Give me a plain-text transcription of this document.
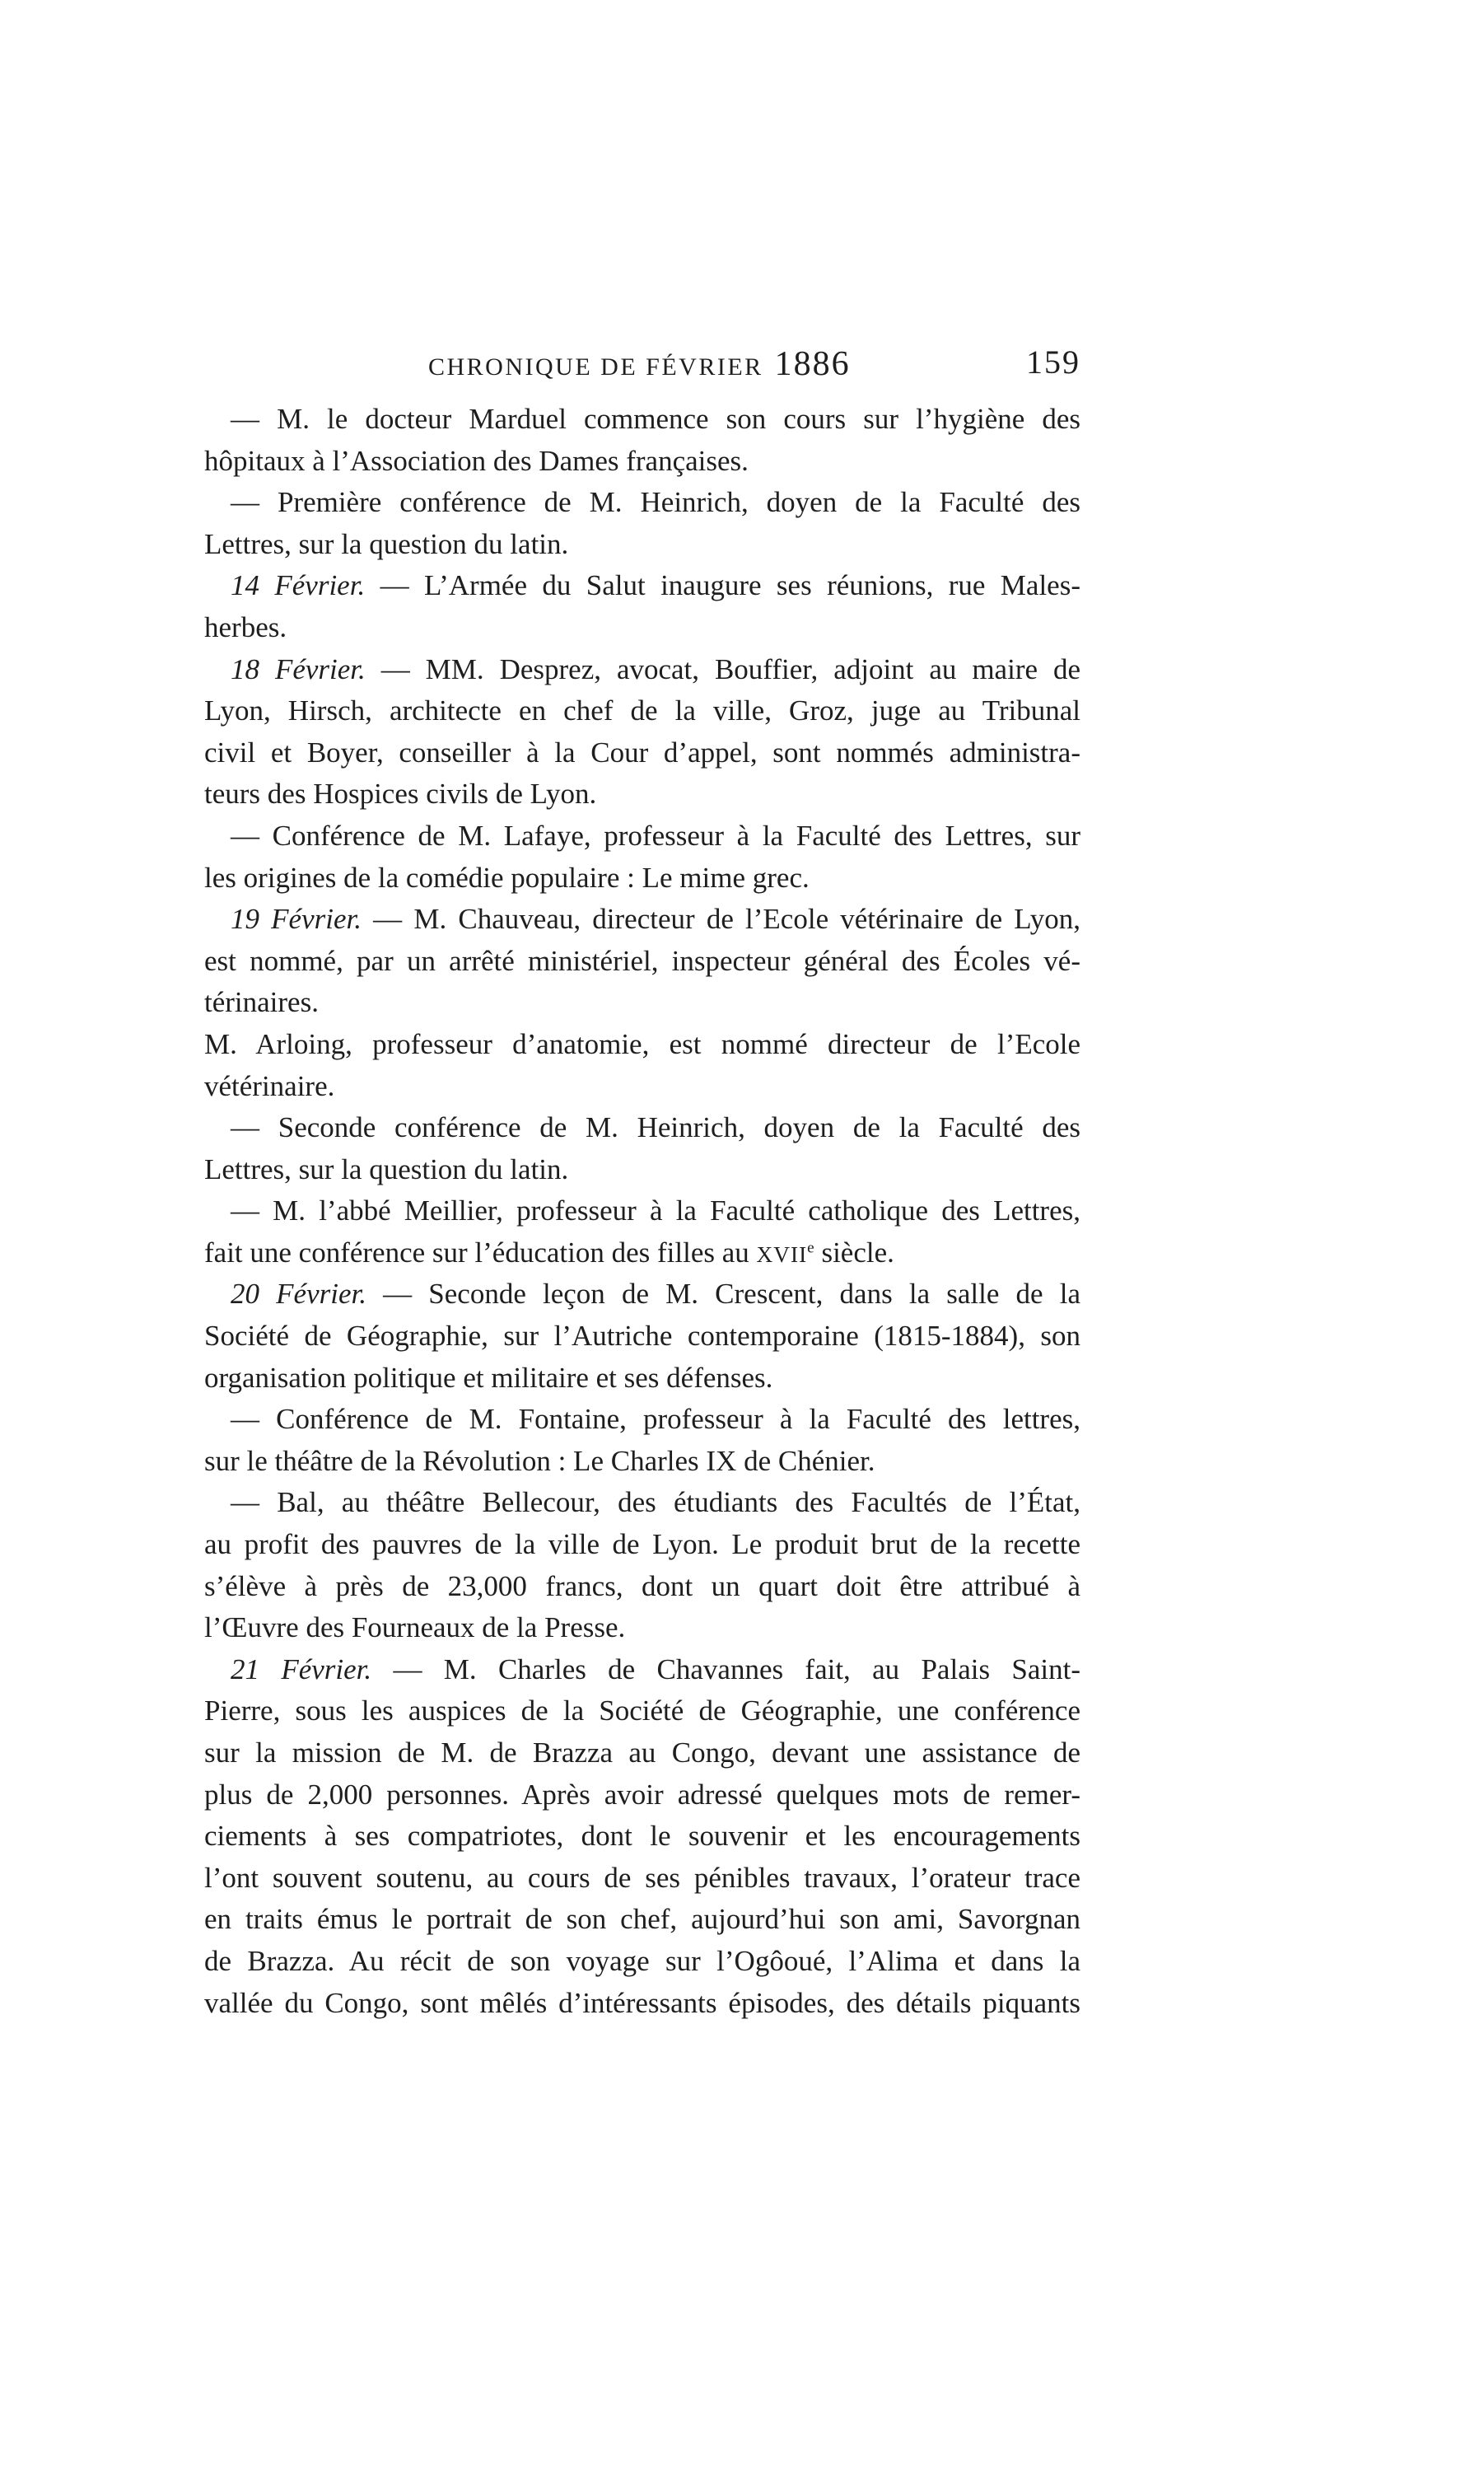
CHRONIQUE DE FÉVRIER 1886	159
— M. le docteur Marduel commence son cours sur l’hygiène des
hôpitaux à l’Association des Dames françaises.
— Première conférence de M. Heinrich, doyen de la Faculté des
Lettres, sur la question du latin.
14 Février. — L’Armée du Salut inaugure ses réunions, rue Males-
herbes.
18 Février. — MM. Desprez, avocat, Bouffier, adjoint au maire de
Lyon, Hirsch, architecte en chef de la ville, Groz, juge au Tribunal
civil et Boyer, conseiller à la Cour d’appel, sont nommés administra-
teurs des Hospices civils de Lyon.
— Conférence de M. Lafaye, professeur à la Faculté des Lettres, sur
les origines de la comédie populaire : Le mime grec.
19 Février. — M. Chauveau, directeur de l’Ecole vétérinaire de Lyon,
est nommé, par un arrêté ministériel, inspecteur général des Écoles vé-
térinaires.
M. Arloing, professeur d’anatomie, est nommé directeur de l’Ecole
vétérinaire.
— Seconde conférence de M. Heinrich, doyen de la Faculté des
Lettres, sur la question du latin.
— M. l’abbé Meillier, professeur à la Faculté catholique des Lettres,
fait une conférence sur l’éducation des filles au XVIIe siècle.
20 Février. — Seconde leçon de M. Crescent, dans la salle de la
Société de Géographie, sur l’Autriche contemporaine (1815-1884), son
organisation politique et militaire et ses défenses.
— Conférence de M. Fontaine, professeur à la Faculté des lettres,
sur le théâtre de la Révolution : Le Charles IX de Chénier.
— Bal, au théâtre Bellecour, des étudiants des Facultés de l’État,
au profit des pauvres de la ville de Lyon. Le produit brut de la recette
s’élève à près de 23,000 francs, dont un quart doit être attribué à
l’Œuvre des Fourneaux de la Presse.
21 Février. — M. Charles de Chavannes fait, au Palais Saint-
Pierre, sous les auspices de la Société de Géographie, une conférence
sur la mission de M. de Brazza au Congo, devant une assistance de
plus de 2,000 personnes. Après avoir adressé quelques mots de remer-
ciements à ses compatriotes, dont le souvenir et les encouragements
l’ont souvent soutenu, au cours de ses pénibles travaux, l’orateur trace
en traits émus le portrait de son chef, aujourd’hui son ami, Savorgnan
de Brazza. Au récit de son voyage sur l’Ogôoué, l’Alima et dans la
vallée du Congo, sont mêlés d’intéressants épisodes, des détails piquants
